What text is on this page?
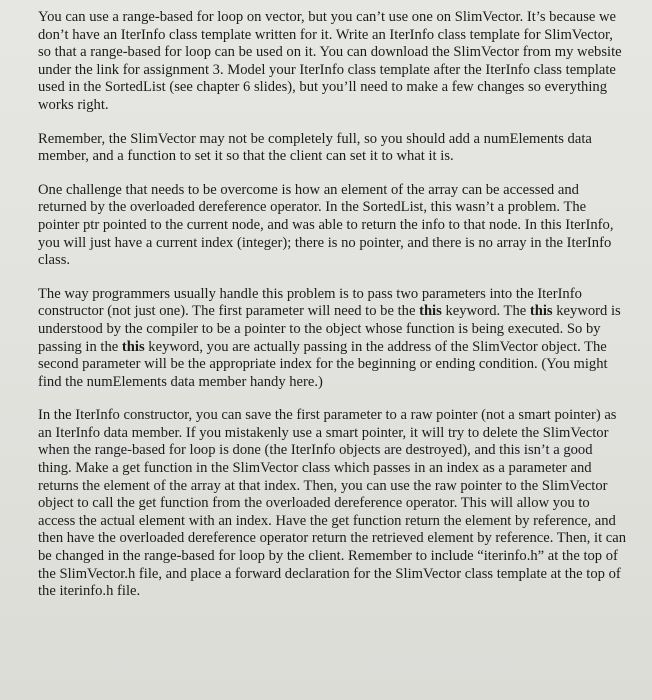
You can use a range-based for loop on vector, but you can’t use one on SlimVector. It’s because we don’t have an IterInfo class template written for it. Write an IterInfo class template for SlimVector, so that a range-based for loop can be used on it. You can download the SlimVector from my website under the link for assignment 3. Model your IterInfo class template after the IterInfo class template used in the SortedList (see chapter 6 slides), but you’ll need to make a few changes so everything works right.

Remember, the SlimVector may not be completely full, so you should add a numElements data member, and a function to set it so that the client can set it to what it is.

One challenge that needs to be overcome is how an element of the array can be accessed and returned by the overloaded dereference operator. In the SortedList, this wasn’t a problem. The pointer ptr pointed to the current node, and was able to return the info to that node. In this IterInfo, you will just have a current index (integer); there is no pointer, and there is no array in the IterInfo class.

The way programmers usually handle this problem is to pass two parameters into the IterInfo constructor (not just one). The first parameter will need to be the this keyword. The this keyword is understood by the compiler to be a pointer to the object whose function is being executed. So by passing in the this keyword, you are actually passing in the address of the SlimVector object. The second parameter will be the appropriate index for the beginning or ending condition. (You might find the numElements data member handy here.)

In the IterInfo constructor, you can save the first parameter to a raw pointer (not a smart pointer) as an IterInfo data member. If you mistakenly use a smart pointer, it will try to delete the SlimVector when the range-based for loop is done (the IterInfo objects are destroyed), and this isn’t a good thing. Make a get function in the SlimVector class which passes in an index as a parameter and returns the element of the array at that index. Then, you can use the raw pointer to the SlimVector object to call the get function from the overloaded dereference operator. This will allow you to access the actual element with an index. Have the get function return the element by reference, and then have the overloaded dereference operator return the retrieved element by reference. Then, it can be changed in the range-based for loop by the client. Remember to include “iterinfo.h” at the top of the SlimVector.h file, and place a forward declaration for the SlimVector class template at the top of the iterinfo.h file.
